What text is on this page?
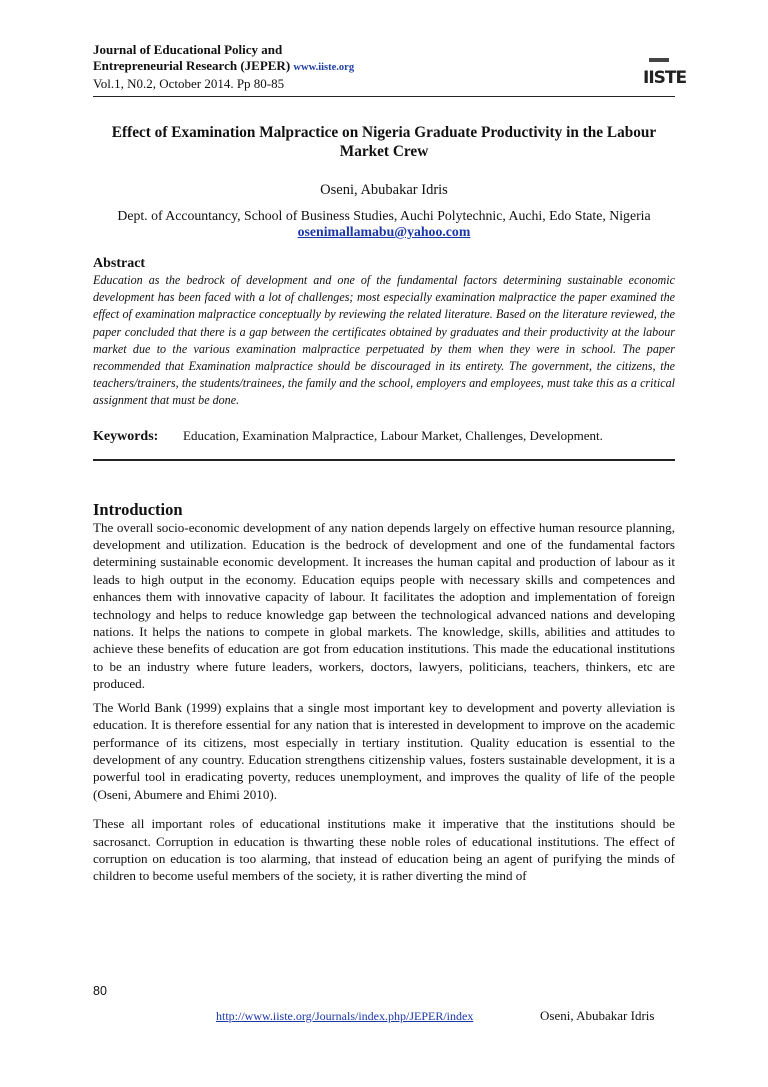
Journal of Educational Policy and
Entrepreneurial Research (JEPER) www.iiste.org
Vol.1, N0.2, October 2014. Pp 80-85	IISTE
Effect of Examination Malpractice on Nigeria Graduate Productivity in the Labour Market Crew
Oseni, Abubakar Idris
Dept. of Accountancy, School of Business Studies, Auchi Polytechnic, Auchi, Edo State, Nigeria
osenimallamabu@yahoo.com
Abstract

Education as the bedrock of development and one of the fundamental factors determining sustainable economic development has been faced with a lot of challenges; most especially examination malpractice the paper examined the effect of examination malpractice conceptually by reviewing the related literature. Based on the literature reviewed, the paper concluded that there is a gap between the certificates obtained by graduates and their productivity at the labour market due to the various examination malpractice perpetuated by them when they were in school. The paper recommended that Examination malpractice should be discouraged in its entirety. The government, the citizens, the teachers/trainers, the students/trainees, the family and the school, employers and employees, must take this as a critical assignment that must be done.

Keywords:	Education, Examination Malpractice, Labour Market, Challenges, Development.
Introduction

The overall socio-economic development of any nation depends largely on effective human resource planning, development and utilization. Education is the bedrock of development and one of the fundamental factors determining sustainable economic development. It increases the human capital and production of labour as it leads to high output in the economy. Education equips people with necessary skills and competences and enhances them with innovative capacity of labour. It facilitates the adoption and implementation of foreign technology and helps to reduce knowledge gap between the technological advanced nations and developing nations. It helps the nations to compete in global markets. The knowledge, skills, abilities and attitudes to achieve these benefits of education are got from education institutions. This made the educational institutions to be an industry where future leaders, workers, doctors, lawyers, politicians, teachers, thinkers, etc are produced.

The World Bank (1999) explains that a single most important key to development and poverty alleviation is education. It is therefore essential for any nation that is interested in development to improve on the academic performance of its citizens, most especially in tertiary institution. Quality education is essential to the development of any country. Education strengthens citizenship values, fosters sustainable development, it is a powerful tool in eradicating poverty, reduces unemployment, and improves the quality of life of the people (Oseni, Abumere and Ehimi 2010).

These all important roles of educational institutions make it imperative that the institutions should be sacrosanct. Corruption in education is thwarting these noble roles of educational institutions. The effect of corruption on education is too alarming, that instead of education being an agent of purifying the minds of children to become useful members of the society, it is rather diverting the mind of

80
http://www.iiste.org/Journals/index.php/JEPER/index	Oseni, Abubakar Idris
